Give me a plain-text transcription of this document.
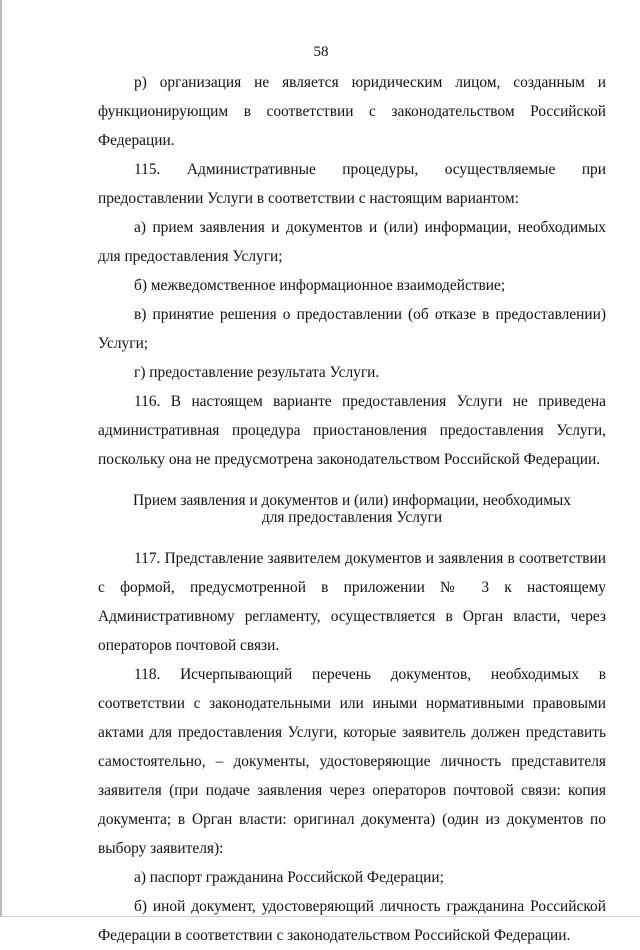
58

р) организация не является юридическим лицом, созданным и функционирующим в соответствии с законодательством Российской Федерации.

115. Административные процедуры, осуществляемые при предоставлении Услуги в соответствии с настоящим вариантом:

а) прием заявления и документов и (или) информации, необходимых для предоставления Услуги;

б) межведомственное информационное взаимодействие;

в) принятие решения о предоставлении (об отказе в предоставлении) Услуги;

г) предоставление результата Услуги.

116. В настоящем варианте предоставления Услуги не приведена административная процедура приостановления предоставления Услуги, поскольку она не предусмотрена законодательством Российской Федерации.

Прием заявления и документов и (или) информации, необходимых
для предоставления Услуги

117. Представление заявителем документов и заявления в соответствии с формой, предусмотренной в приложении № 3 к настоящему Административному регламенту, осуществляется в Орган власти, через операторов почтовой связи.

118. Исчерпывающий перечень документов, необходимых в соответствии с законодательными или иными нормативными правовыми актами для предоставления Услуги, которые заявитель должен представить самостоятельно, – документы, удостоверяющие личность представителя заявителя (при подаче заявления через операторов почтовой связи: копия документа; в Орган власти: оригинал документа) (один из документов по выбору заявителя):

а) паспорт гражданина Российской Федерации;

б) иной документ, удостоверяющий личность гражданина Российской Федерации в соответствии с законодательством Российской Федерации.
